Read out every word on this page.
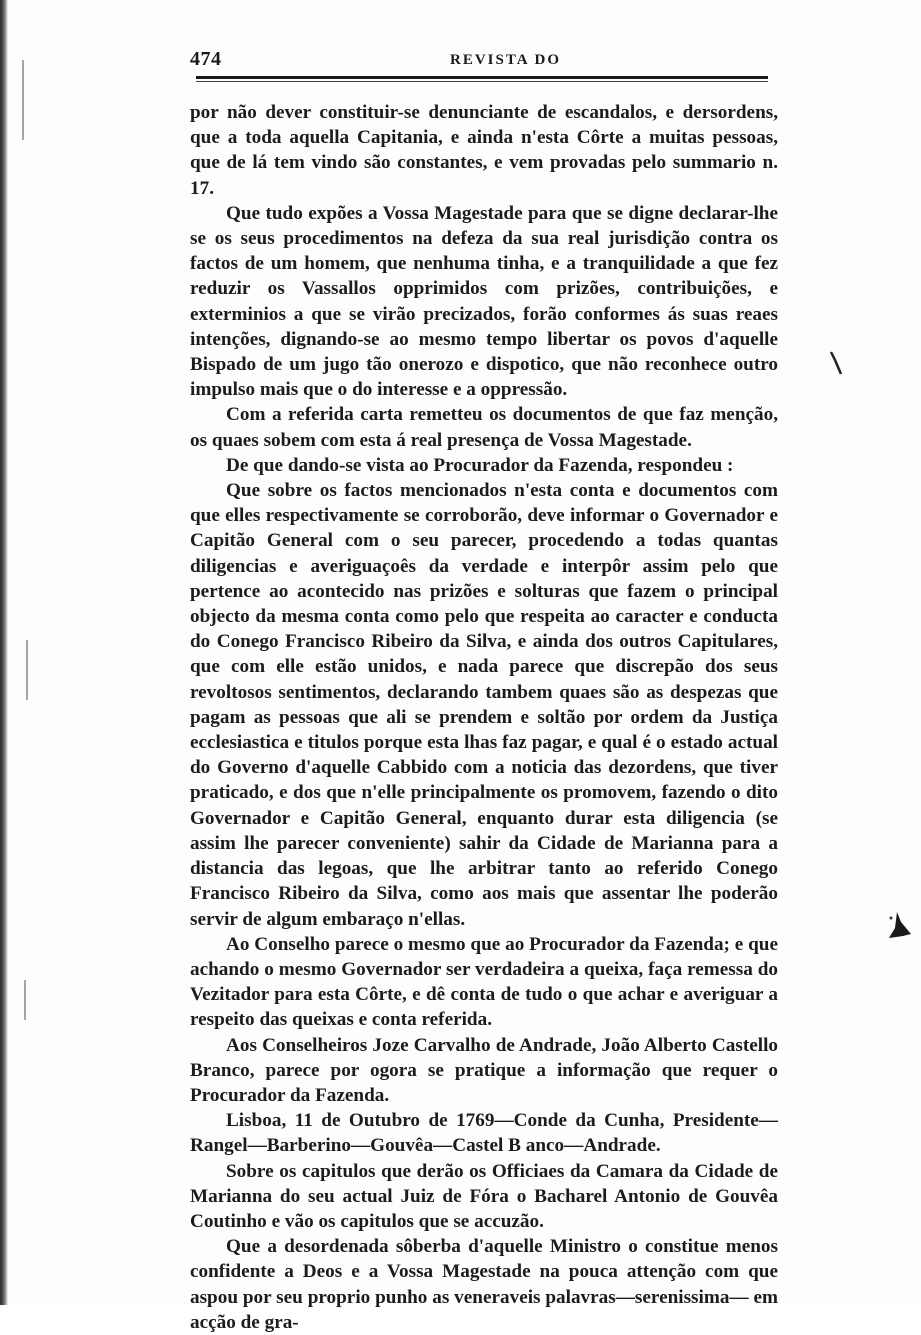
474	REVISTA DO

por não dever constituir-se denunciante de escandalos, e dersordens, que a toda aquella Capitania, e ainda n'esta Côrte a muitas pessoas, que de lá tem vindo são constantes, e vem provadas pelo summario n. 17.

Que tudo expões a Vossa Magestade para que se digne declarar-lhe se os seus procedimentos na defeza da sua real jurisdição contra os factos de um homem, que nenhuma tinha, e a tranquilidade a que fez reduzir os Vassallos opprimidos com prizões, contribuições, e exterminios a que se virão precizados, forão conformes ás suas reaes intenções, dignando-se ao mesmo tempo libertar os povos d'aquelle Bispado de um jugo tão onerozo e dispotico, que não reconhece outro impulso mais que o do interesse e a oppressão.

Com a referida carta remetteu os documentos de que faz menção, os quaes sobem com esta á real presença de Vossa Magestade.

De que dando-se vista ao Procurador da Fazenda, respondeu :

Que sobre os factos mencionados n'esta conta e documentos com que elles respectivamente se corroborão, deve informar o Governador e Capitão General com o seu parecer, procedendo a todas quantas diligencias e averiguaçoês da verdade e interpôr assim pelo que pertence ao acontecido nas prizões e solturas que fazem o principal objecto da mesma conta como pelo que respeita ao caracter e conducta do Conego Francisco Ribeiro da Silva, e ainda dos outros Capitulares, que com elle estão unidos, e nada parece que discrepão dos seus revoltosos sentimentos, declarando tambem quaes são as despezas que pagam as pessoas que ali se prendem e soltão por ordem da Justiça ecclesiastica e titulos porque esta lhas faz pagar, e qual é o estado actual do Governo d'aquelle Cabbido com a noticia das dezordens, que tiver praticado, e dos que n'elle principalmente os promovem, fazendo o dito Governador e Capitão General, enquanto durar esta diligencia (se assim lhe parecer conveniente) sahir da Cidade de Marianna para a distancia das legoas, que lhe arbitrar tanto ao referido Conego Francisco Ribeiro da Silva, como aos mais que assentar lhe poderão servir de algum embaraço n'ellas.

Ao Conselho parece o mesmo que ao Procurador da Fazenda; e que achando o mesmo Governador ser verdadeira a queixa, faça remessa do Vezitador para esta Côrte, e dê conta de tudo o que achar e averiguar a respeito das queixas e conta referida.

Aos Conselheiros Joze Carvalho de Andrade, João Alberto Castello Branco, parece por ogora se pratique a informação que requer o Procurador da Fazenda.

Lisboa, 11 de Outubro de 1769—Conde da Cunha, Presidente—Rangel—Barberino—Gouvêa—Castel B anco—Andrade.

Sobre os capitulos que derão os Officiaes da Camara da Cidade de Marianna do seu actual Juiz de Fóra o Bacharel Antonio de Gouvêa Coutinho e vão os capitulos que se accuzão.

Que a desordenada sôberba d'aquelle Ministro o constitue menos confidente a Deos e a Vossa Magestade na pouca attenção com que aspou por seu proprio punho as veneraveis palavras—serenissima— em acção de gra-
